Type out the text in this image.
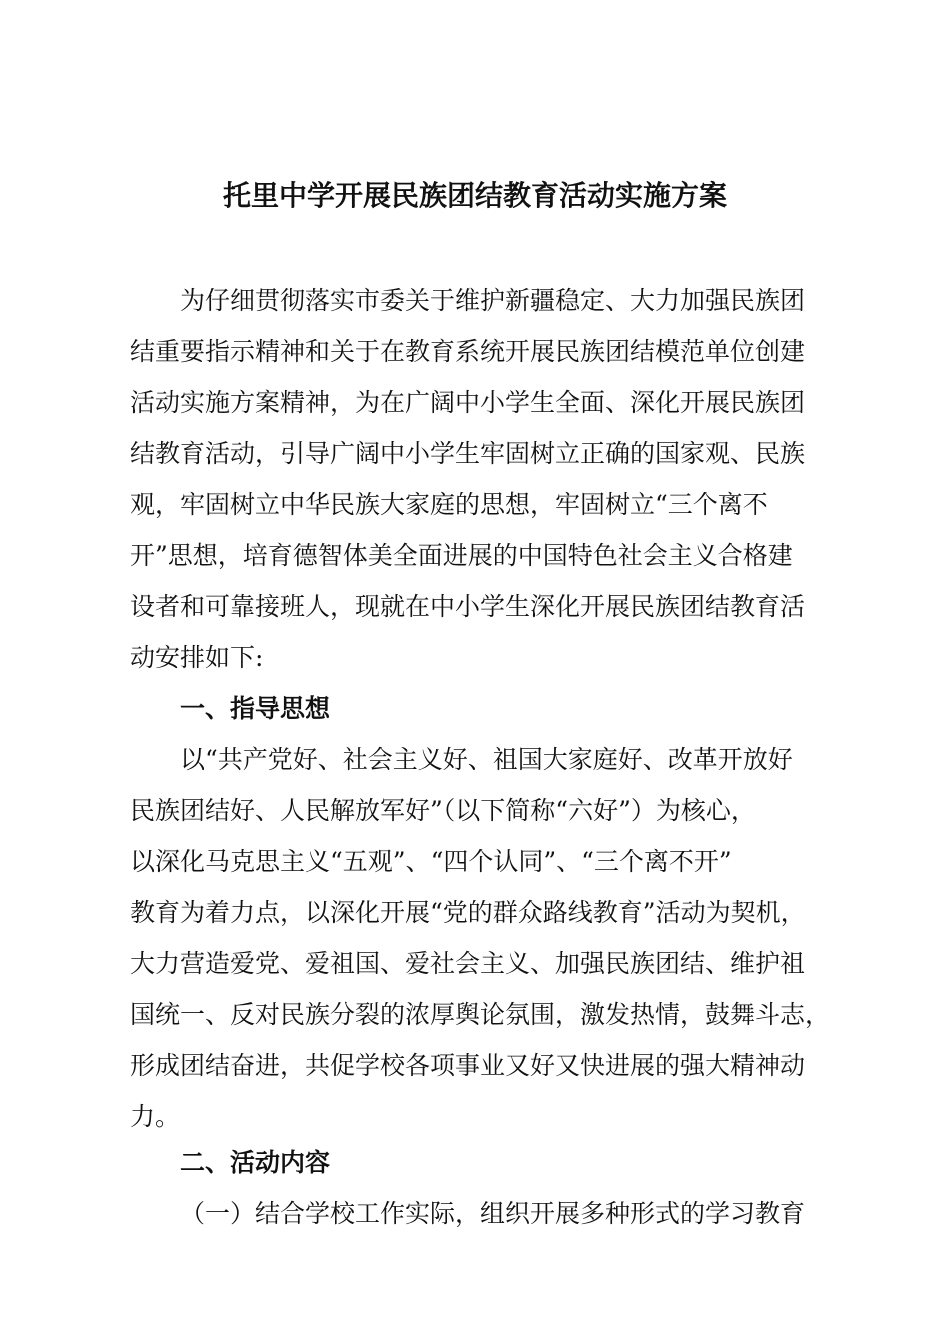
托里中学开展民族团结教育活动实施方案
为仔细贯彻落实市委关于维护新疆稳定、大力加强民族团
结重要指示精神和关于在教育系统开展民族团结模范单位创建
活动实施方案精神，为在广阔中小学生全面、深化开展民族团
结教育活动，引导广阔中小学生牢固树立正确的国家观、民族
观，牢固树立中华民族大家庭的思想，牢固树立“三个离不
开”思想，培育德智体美全面进展的中国特色社会主义合格建
设者和可靠接班人，现就在中小学生深化开展民族团结教育活
动安排如下:
一、指导思想
以“共产党好、社会主义好、祖国大家庭好、改革开放好
民族团结好、人民解放军好”（以下简称“六好”）为核心，
以深化马克思主义“五观”、“四个认同”、“三个离不开”
教育为着力点，以深化开展“党的群众路线教育”活动为契机，
大力营造爱党、爱祖国、爱社会主义、加强民族团结、维护祖
国统一、反对民族分裂的浓厚舆论氛围，激发热情，鼓舞斗志，
形成团结奋进，共促学校各项事业又好又快进展的强大精神动
力。
二、活动内容
（一）结合学校工作实际，组织开展多种形式的学习教育
